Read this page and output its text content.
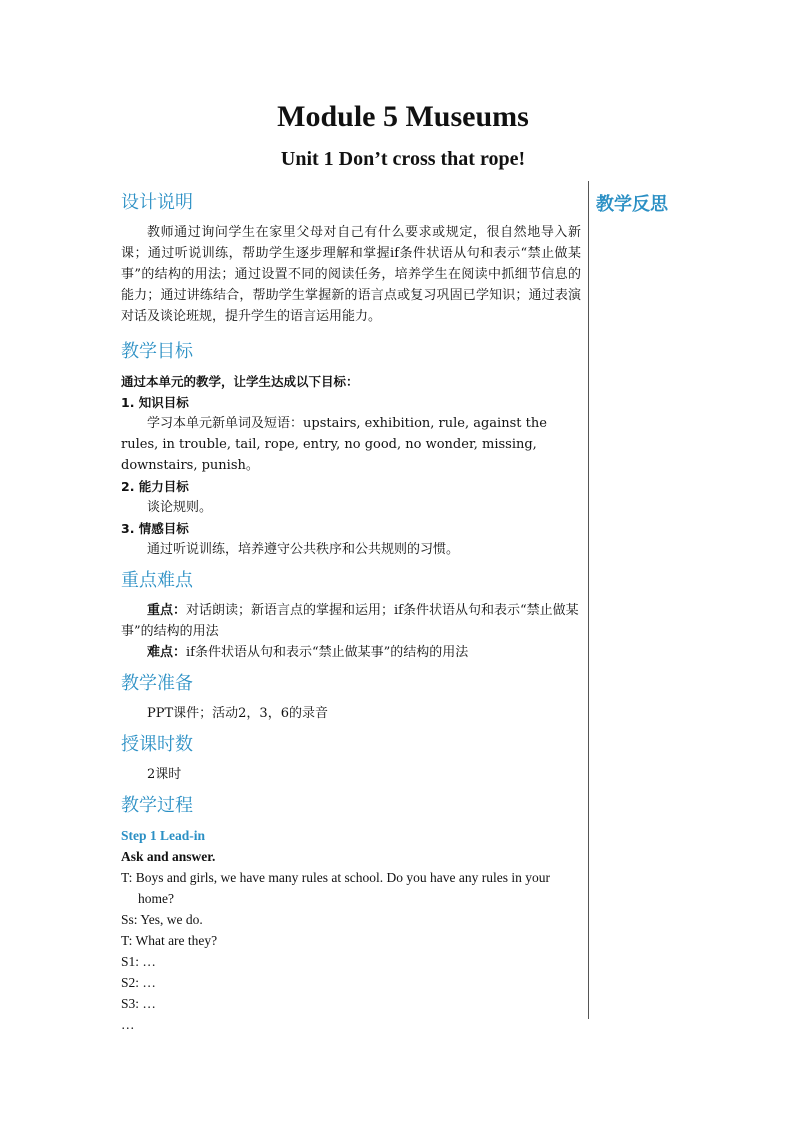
Module 5 Museums
Unit 1 Don’t cross that rope!
教学反思
设计说明

教师通过询问学生在家里父母对自己有什么要求或规定，很自然地导入新课；通过听说训练，帮助学生逐步理解和掌握if条件状语从句和表示“禁止做某事”的结构的用法；通过设置不同的阅读任务，培养学生在阅读中抓细节信息的能力；通过讲练结合，帮助学生掌握新的语言点或复习巩固已学知识；通过表演对话及谈论班规，提升学生的语言运用能力。

教学目标

通过本单元的教学，让学生达成以下目标：

1. 知识目标

学习本单元新单词及短语：upstairs, exhibition, rule, against the rules, in trouble, tail, rope, entry, no good, no wonder, missing, downstairs, punish。

2. 能力目标

谈论规则。

3. 情感目标

通过听说训练，培养遵守公共秩序和公共规则的习惯。

重点难点

重点：对话朗读；新语言点的掌握和运用；if条件状语从句和表示“禁止做某事”的结构的用法

难点：if条件状语从句和表示“禁止做某事”的结构的用法

教学准备

PPT课件；活动2，3，6的录音

授课时数

2课时

教学过程

Step 1 Lead-in

Ask and answer.

T: Boys and girls, we have many rules at school. Do you have any rules in your home?

Ss: Yes, we do.

T: What are they?

S1: …

S2: …

S3: …

…
